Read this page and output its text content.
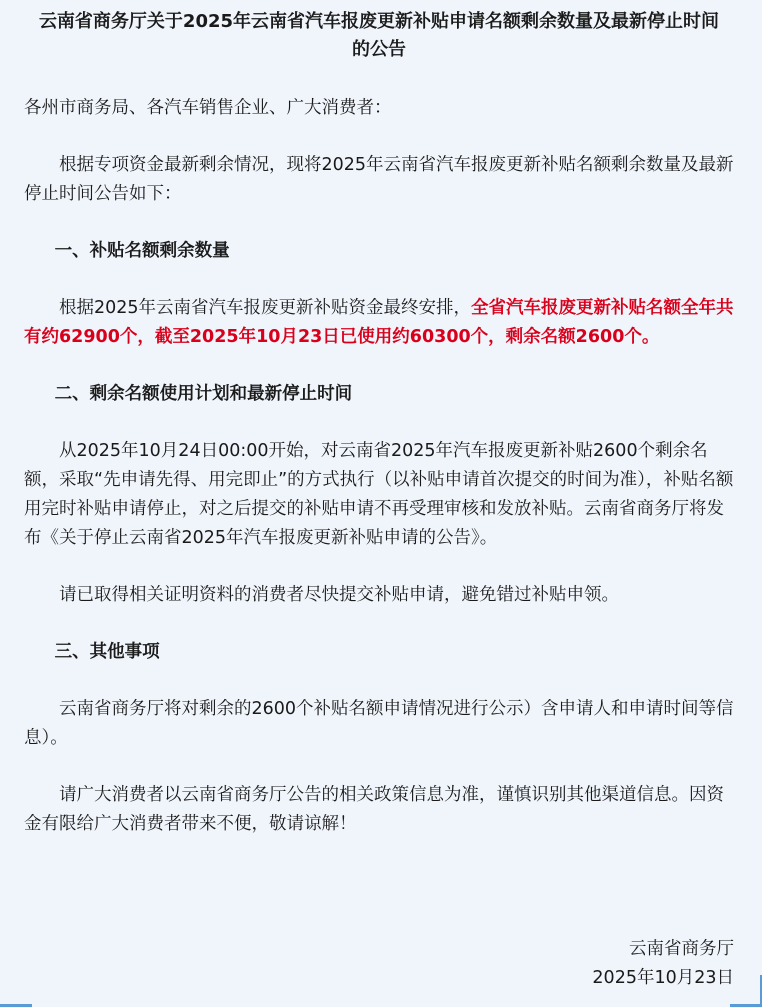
云南省商务厅关于2025年云南省汽车报废更新补贴申请名额剩余数量及最新停止时间的公告

各州市商务局、各汽车销售企业、广大消费者：

根据专项资金最新剩余情况，现将2025年云南省汽车报废更新补贴名额剩余数量及最新停止时间公告如下：

一、补贴名额剩余数量

根据2025年云南省汽车报废更新补贴资金最终安排，全省汽车报废更新补贴名额全年共有约62900个，截至2025年10月23日已使用约60300个，剩余名额2600个。

二、剩余名额使用计划和最新停止时间

从2025年10月24日00:00开始，对云南省2025年汽车报废更新补贴2600个剩余名额，采取“先申请先得、用完即止”的方式执行（以补贴申请首次提交的时间为准），补贴名额用完时补贴申请停止，对之后提交的补贴申请不再受理审核和发放补贴。云南省商务厅将发布《关于停止云南省2025年汽车报废更新补贴申请的公告》。

请已取得相关证明资料的消费者尽快提交补贴申请，避免错过补贴申领。

三、其他事项

云南省商务厅将对剩余的2600个补贴名额申请情况进行公示）含申请人和申请时间等信息）。

请广大消费者以云南省商务厅公告的相关政策信息为准，谨慎识别其他渠道信息。因资金有限给广大消费者带来不便，敬请谅解！

云南省商务厅

2025年10月23日
